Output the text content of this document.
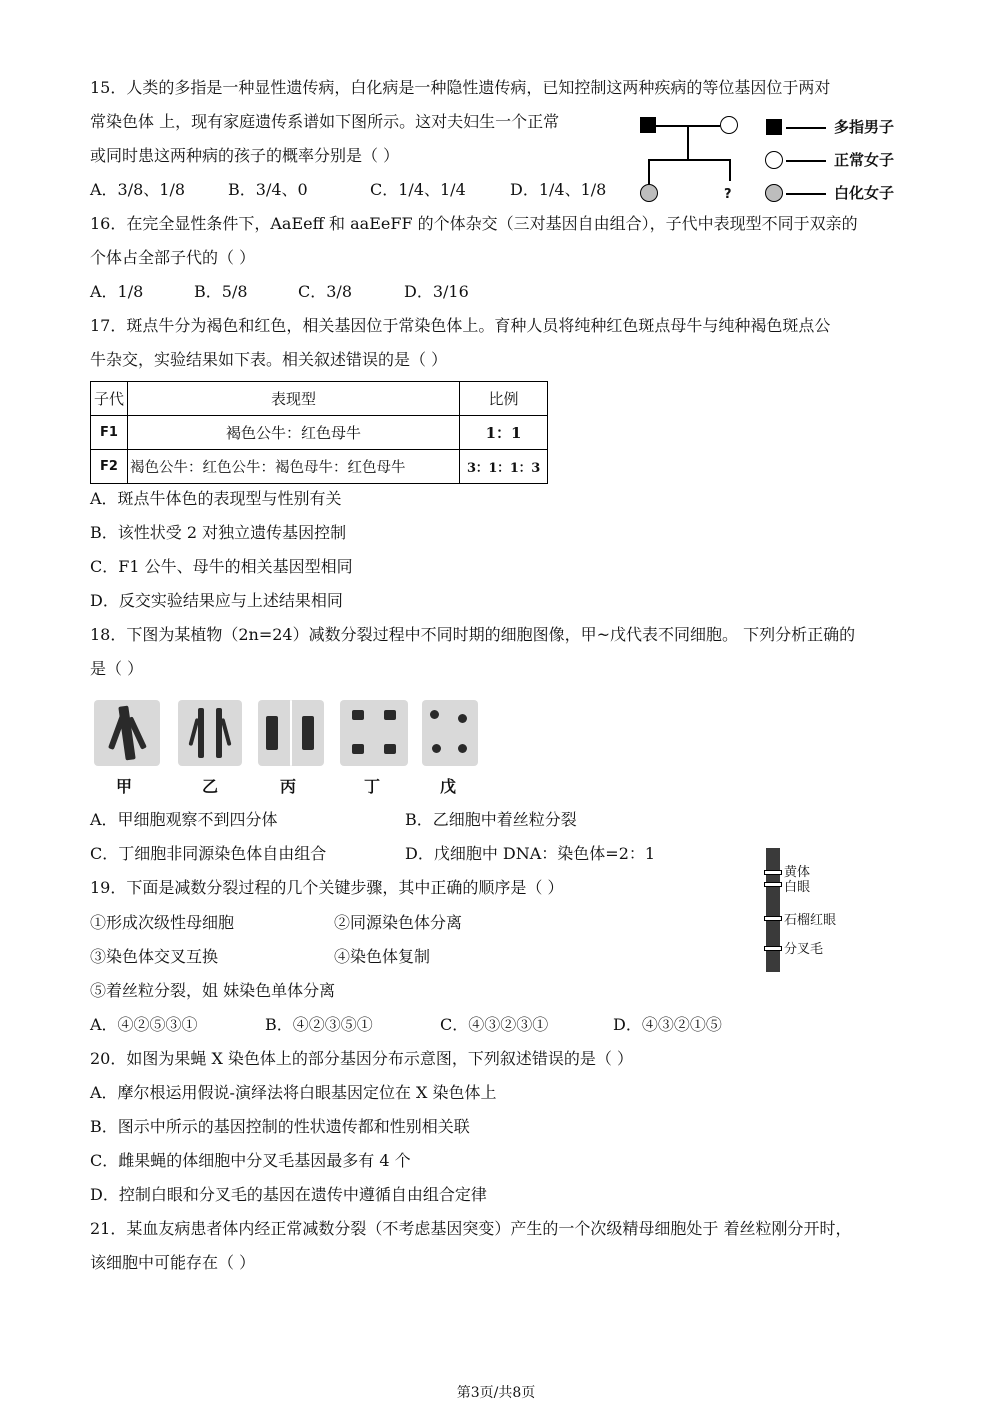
15．人类的多指是一种显性遗传病，白化病是一种隐性遗传病，已知控制这两种疾病的等位基因位于两对
常染色体 上，现有家庭遗传系谱如下图所示。这对夫妇生一个正常
或同时患这两种病的孩子的概率分别是（ ）
A．3/8、1/8	B．3/4、0	C．1/4、1/4	D．1/4、1/8	?
多指男子
正常女子
白化女子
16．在完全显性条件下，AaEeff 和 aaEeFF 的个体杂交（三对基因自由组合），子代中表现型不同于双亲的
个体占全部子代的（ ）
A．1/8	B．5/8	C．3/8	D．3/16
17．斑点牛分为褐色和红色，相关基因位于常染色体上。育种人员将纯种红色斑点母牛与纯种褐色斑点公
牛杂交，实验结果如下表。相关叙述错误的是（ ）
子代	表现型	比例
F1	褐色公牛：红色母牛	1：1
F2	褐色公牛：红色公牛：褐色母牛：红色母牛	3：1：1：3
A．斑点牛体色的表现型与性别有关
B．该性状受 2 对独立遗传基因控制
C．F1 公牛、母牛的相关基因型相同
D．反交实验结果应与上述结果相同
18．下图为某植物（2n=24）减数分裂过程中不同时期的细胞图像，甲~戊代表不同细胞。 下列分析正确的
是（ ）
甲	乙	丙	丁	戊
A．甲细胞观察不到四分体	B．乙细胞中着丝粒分裂
C．丁细胞非同源染色体自由组合	D．戊细胞中 DNA：染色体=2：1
黄体
白眼
石榴红眼
分叉毛
19．下面是减数分裂过程的几个关键步骤，其中正确的顺序是（ ）
①形成次级性母细胞	②同源染色体分离
③染色体交叉互换	④染色体复制
⑤着丝粒分裂，姐 妹染色单体分离
A．④②⑤③①	B．④②③⑤①	C．④③②③①	D．④③②①⑤
20．如图为果蝇 X 染色体上的部分基因分布示意图，下列叙述错误的是（ ）
A．摩尔根运用假说-演绎法将白眼基因定位在 X 染色体上
B．图示中所示的基因控制的性状遗传都和性别相关联
C．雌果蝇的体细胞中分叉毛基因最多有 4 个
D．控制白眼和分叉毛的基因在遗传中遵循自由组合定律
21．某血友病患者体内经正常减数分裂（不考虑基因突变）产生的一个次级精母细胞处于 着丝粒刚分开时，
该细胞中可能存在（ ）
第3页/共8页
